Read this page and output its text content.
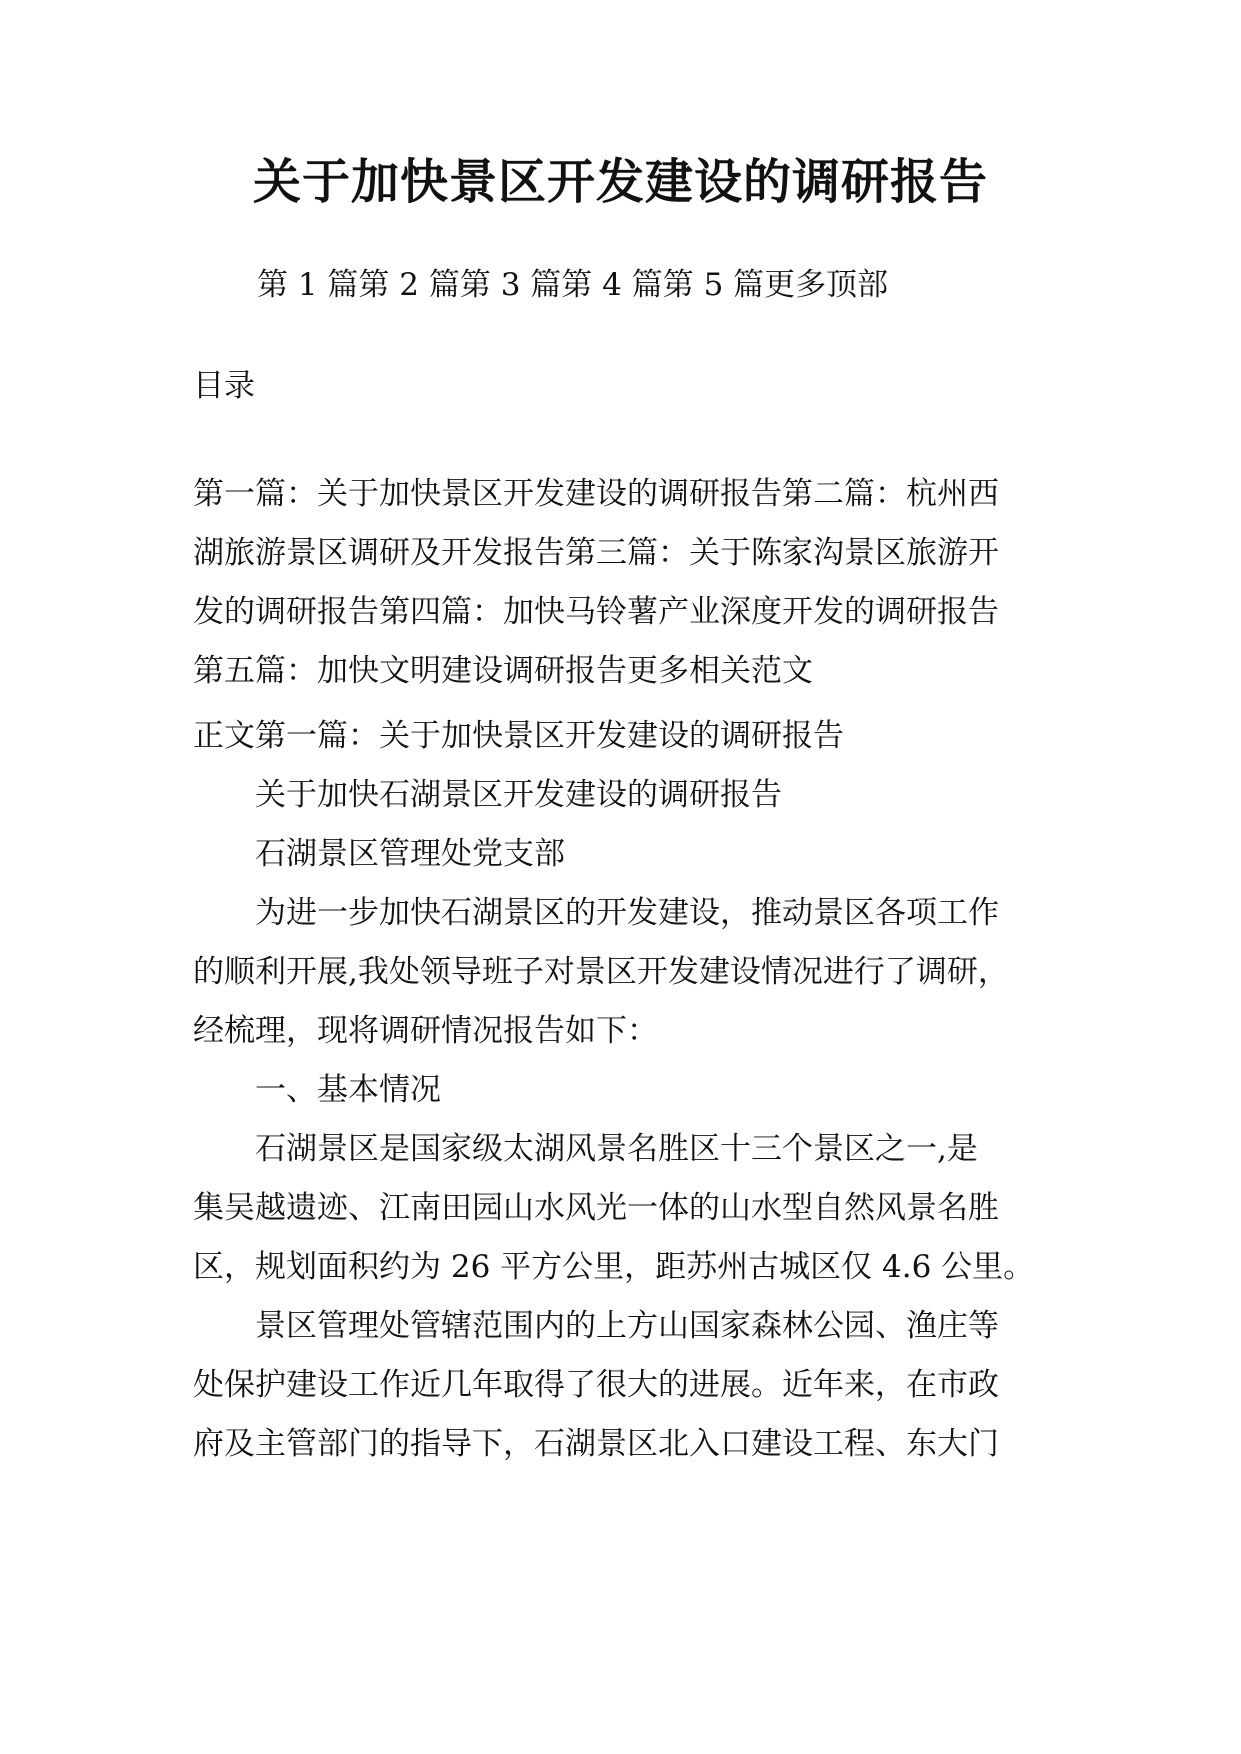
关于加快景区开发建设的调研报告
第 1 篇第 2 篇第 3 篇第 4 篇第 5 篇更多顶部
目录

第一篇：关于加快景区开发建设的调研报告第二篇：杭州西

湖旅游景区调研及开发报告第三篇：关于陈家沟景区旅游开

发的调研报告第四篇：加快马铃薯产业深度开发的调研报告

第五篇：加快文明建设调研报告更多相关范文

正文第一篇：关于加快景区开发建设的调研报告

　　关于加快石湖景区开发建设的调研报告

　　石湖景区管理处党支部

　　为进一步加快石湖景区的开发建设，推动景区各项工作

的顺利开展,我处领导班子对景区开发建设情况进行了调研，

经梳理，现将调研情况报告如下：

　　一、基本情况

　　石湖景区是国家级太湖风景名胜区十三个景区之一,是

集吴越遗迹、江南田园山水风光一体的山水型自然风景名胜

区，规划面积约为 26 平方公里，距苏州古城区仅 4.6 公里。

　　景区管理处管辖范围内的上方山国家森林公园、渔庄等

处保护建设工作近几年取得了很大的进展。近年来，在市政

府及主管部门的指导下，石湖景区北入口建设工程、东大门
